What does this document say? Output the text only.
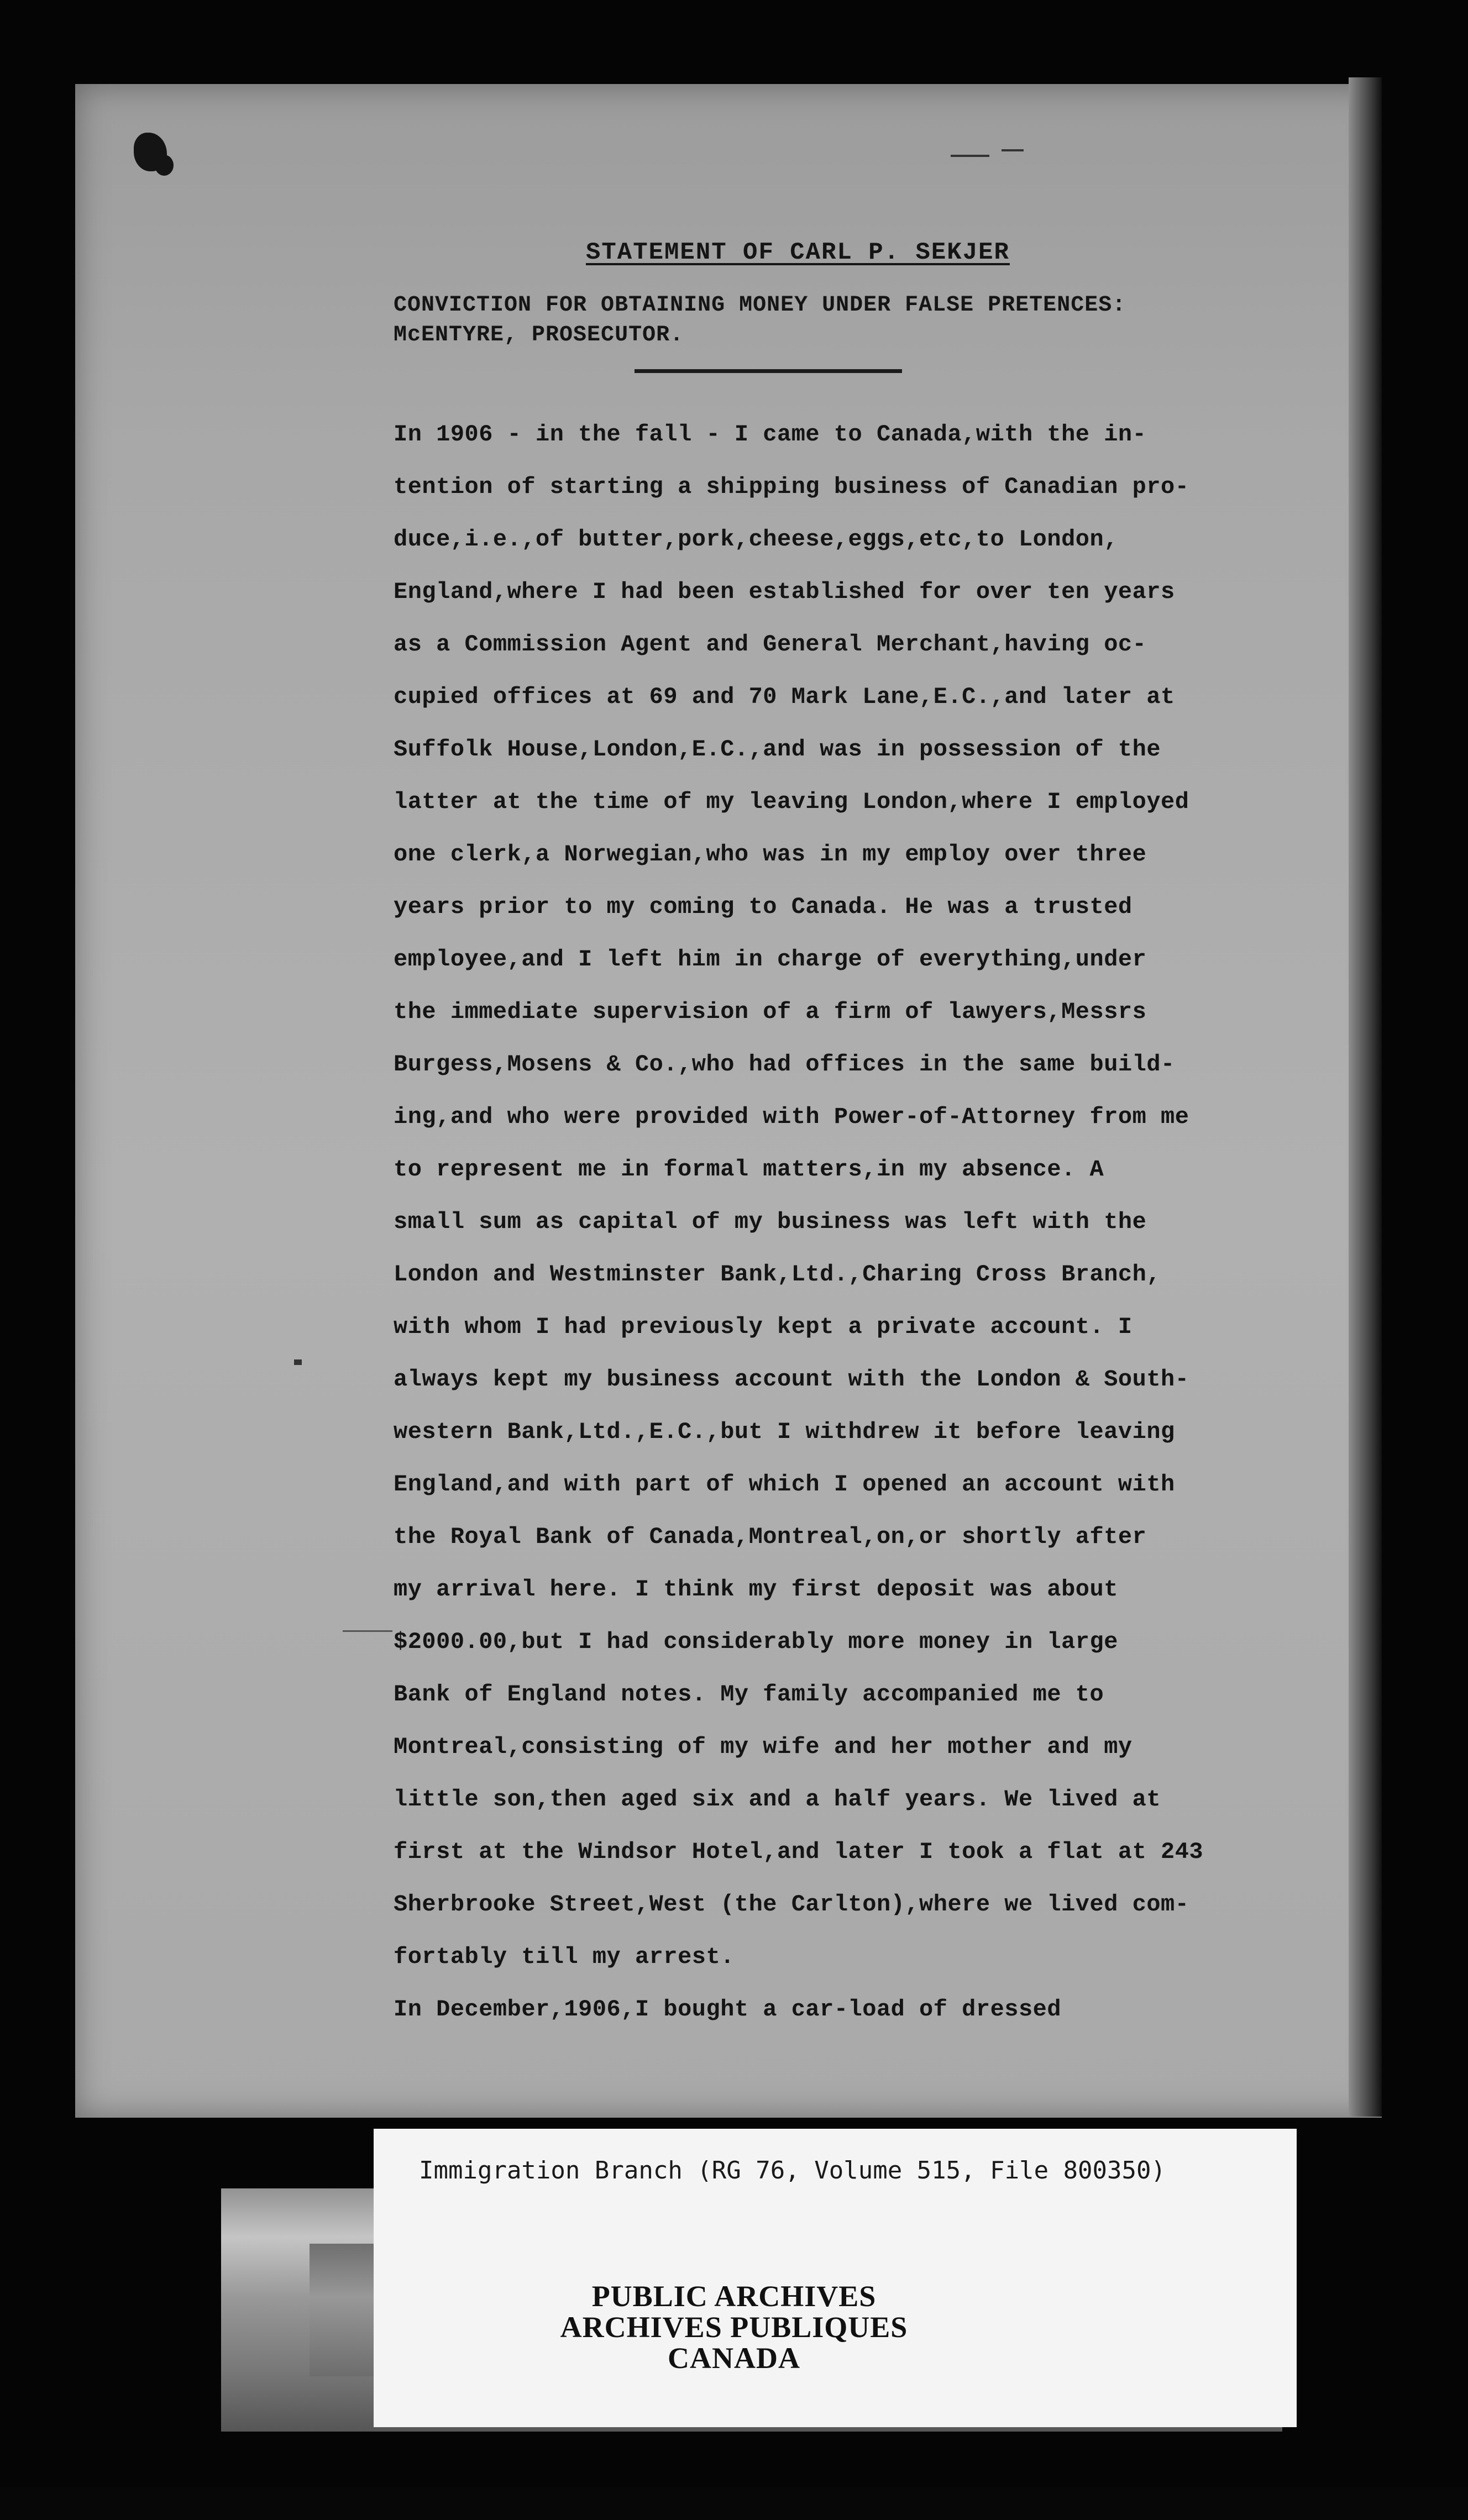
STATEMENT OF CARL P. SEKJER
CONVICTION FOR OBTAINING MONEY UNDER FALSE PRETENCES:
McENTYRE, PROSECUTOR.
In 1906 - in the fall - I came to Canada,with the in-
tention of starting a shipping business of Canadian pro-
duce,i.e.,of butter,pork,cheese,eggs,etc,to London,
England,where I had been established for over ten years
as a Commission Agent and General Merchant,having oc-
cupied offices at 69 and 70 Mark Lane,E.C.,and later at
Suffolk House,London,E.C.,and was in possession of the
latter at the time of my leaving London,where I employed
one clerk,a Norwegian,who was in my employ over three
years prior to my coming to Canada. He was a trusted
employee,and I left him in charge of everything,under
the immediate supervision of a firm of lawyers,Messrs
Burgess,Mosens & Co.,who had offices in the same build-
ing,and who were provided with Power-of-Attorney from me
to represent me in formal matters,in my absence. A
small sum as capital of my business was left with the
London and Westminster Bank,Ltd.,Charing Cross Branch,
with whom I had previously kept a private account. I
always kept my business account with the London & South-
western Bank,Ltd.,E.C.,but I withdrew it before leaving
England,and with part of which I opened an account with
the Royal Bank of Canada,Montreal,on,or shortly after
my arrival here. I think my first deposit was about
$2000.00,but I had considerably more money in large
Bank of England notes. My family accompanied me to
Montreal,consisting of my wife and her mother and my
little son,then aged six and a half years. We lived at
first at the Windsor Hotel,and later I took a flat at 243
Sherbrooke Street,West (the Carlton),where we lived com-
fortably till my arrest.
In December,1906,I bought a car-load of dressed
Immigration Branch (RG 76, Volume 515, File 800350)
PUBLIC ARCHIVES
ARCHIVES PUBLIQUES
CANADA
